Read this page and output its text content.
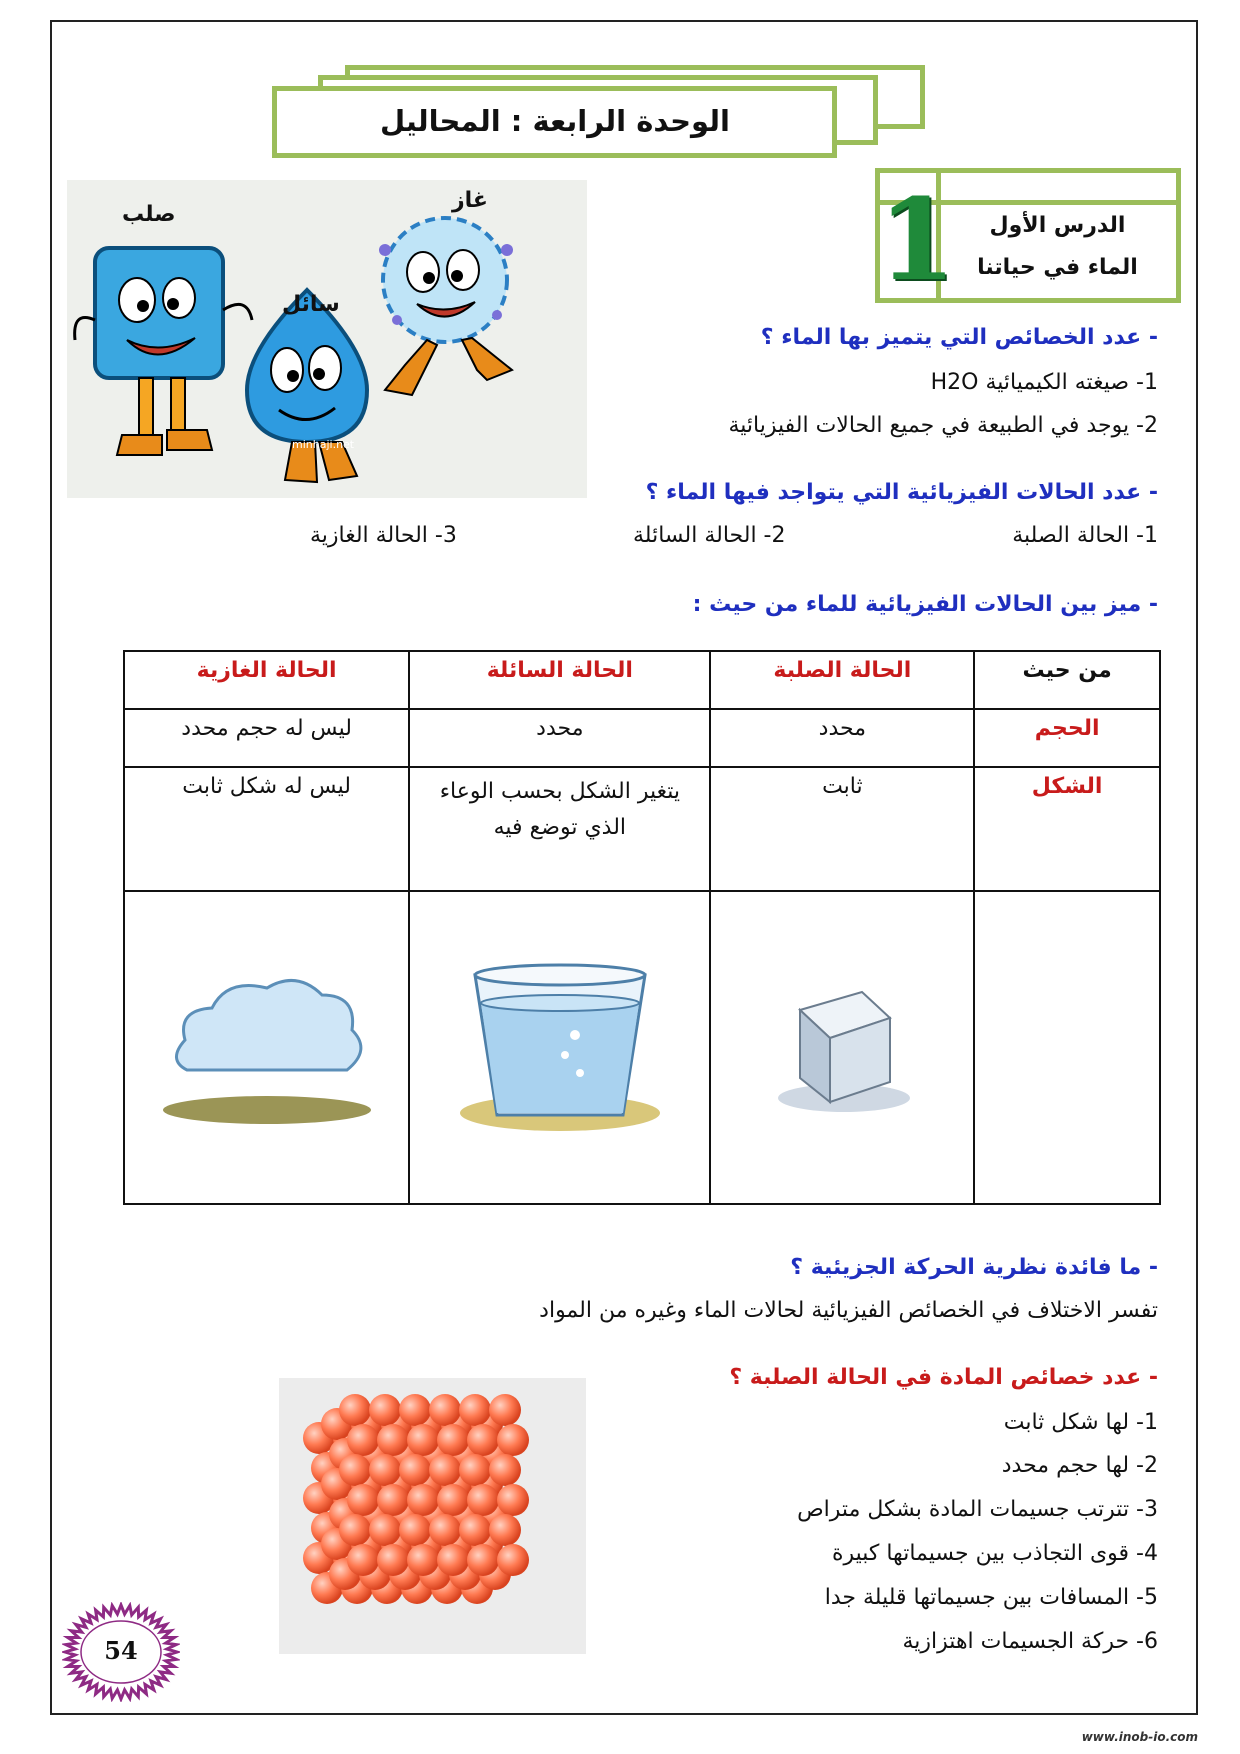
الوحدة الرابعة : المحاليل
1	الدرس الأول
الماء في حياتنا
صلب
سائل
غاز
minhaji.net
- عدد الخصائص التي يتميز بها الماء ؟
1- صيغته الكيميائية H2O
2- يوجد في الطبيعة في جميع الحالات الفيزيائية
- عدد الحالات الفيزيائية التي يتواجد فيها الماء ؟
1- الحالة الصلبة
2- الحالة السائلة
3- الحالة الغازية
- ميز بين الحالات الفيزيائية للماء من حيث :
من حيث	الحالة الصلبة	الحالة السائلة	الحالة الغازية
الحجم	محدد	محدد	ليس له حجم محدد
الشكل	ثابت	يتغير الشكل بحسب الوعاء الذي توضع فيه	ليس له شكل ثابت

- ما فائدة نظرية الحركة الجزيئية ؟
تفسر الاختلاف في الخصائص الفيزيائية لحالات الماء وغيره من المواد
- عدد خصائص المادة في الحالة الصلبة ؟
1- لها شكل ثابت
2- لها حجم محدد
3- تترتب جسيمات المادة بشكل متراص
4- قوى التجاذب بين جسيماتها كبيرة
5- المسافات بين جسيماتها قليلة جدا
6- حركة الجسيمات اهتزازية
54
www.inob-io.com
